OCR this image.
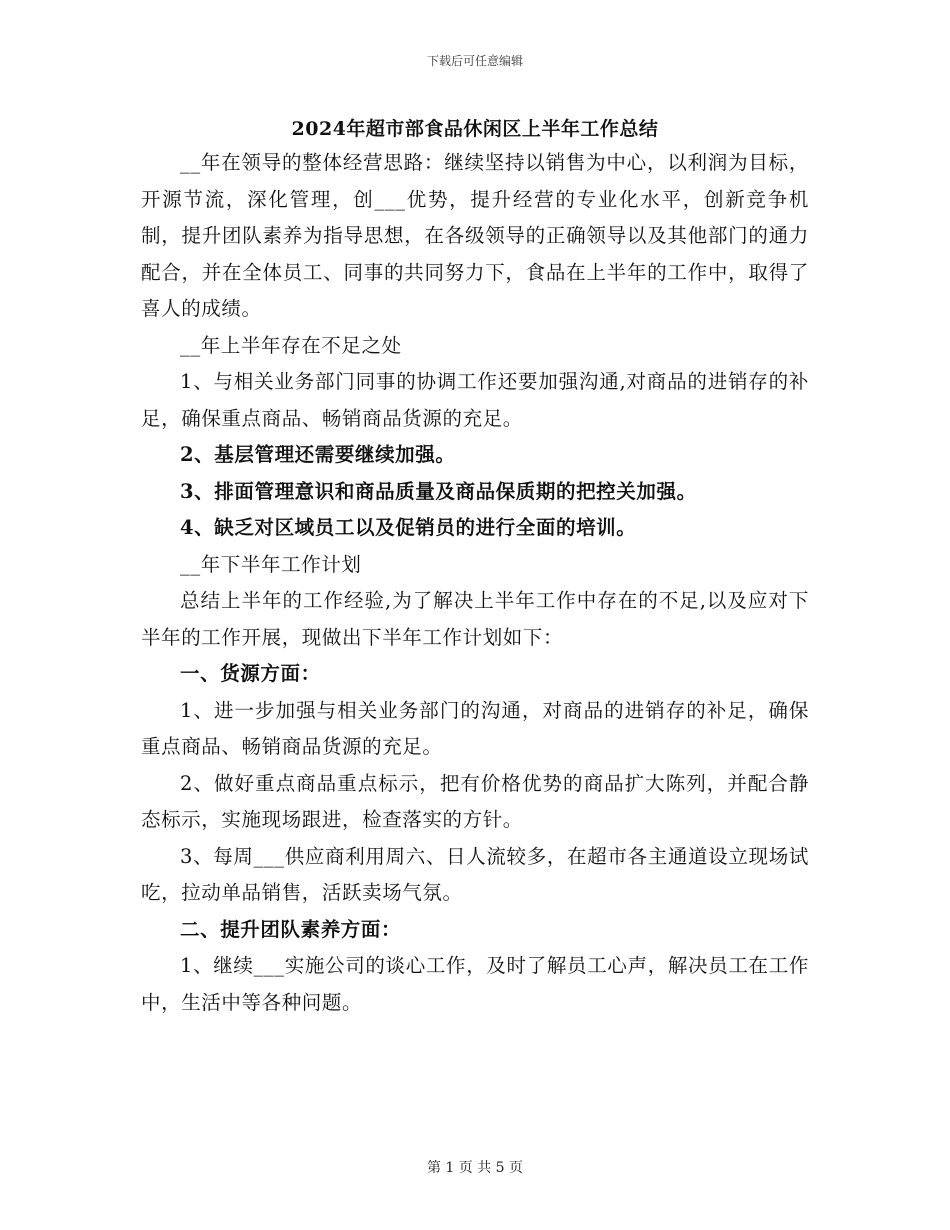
下载后可任意编辑
2024年超市部食品休闲区上半年工作总结

__年在领导的整体经营思路：继续坚持以销售为中心，以利润为目标，开源节流，深化管理，创___优势，提升经营的专业化水平，创新竞争机制，提升团队素养为指导思想，在各级领导的正确领导以及其他部门的通力配合，并在全体员工、同事的共同努力下，食品在上半年的工作中，取得了喜人的成绩。

__年上半年存在不足之处

1、与相关业务部门同事的协调工作还要加强沟通,对商品的进销存的补足，确保重点商品、畅销商品货源的充足。

2、基层管理还需要继续加强。

3、排面管理意识和商品质量及商品保质期的把控关加强。

4、缺乏对区域员工以及促销员的进行全面的培训。

__年下半年工作计划

总结上半年的工作经验,为了解决上半年工作中存在的不足,以及应对下半年的工作开展，现做出下半年工作计划如下：

一、货源方面：

1、进一步加强与相关业务部门的沟通，对商品的进销存的补足，确保重点商品、畅销商品货源的充足。

2、做好重点商品重点标示，把有价格优势的商品扩大陈列，并配合静态标示，实施现场跟进，检查落实的方针。

3、每周___供应商利用周六、日人流较多，在超市各主通道设立现场试吃，拉动单品销售，活跃卖场气氛。

二、提升团队素养方面：

1、继续___实施公司的谈心工作，及时了解员工心声，解决员工在工作中，生活中等各种问题。

第 1 页 共 5 页
